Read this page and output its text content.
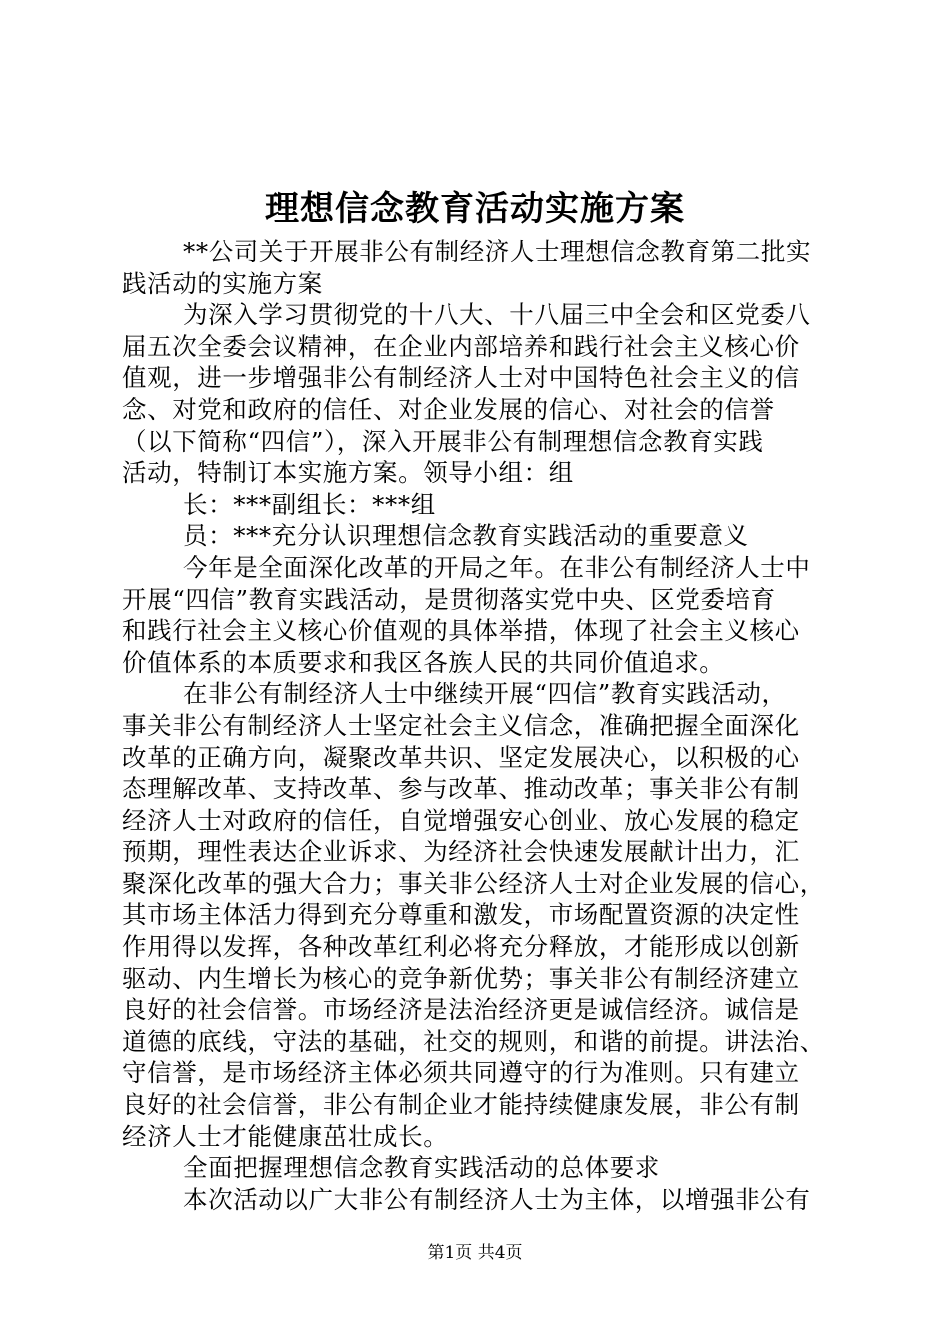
理想信念教育活动实施方案
**公司关于开展非公有制经济人士理想信念教育第二批实
践活动的实施方案
为深入学习贯彻党的十八大、十八届三中全会和区党委八
届五次全委会议精神，在企业内部培养和践行社会主义核心价
值观，进一步增强非公有制经济人士对中国特色社会主义的信
念、对党和政府的信任、对企业发展的信心、对社会的信誉
（以下简称“四信”），深入开展非公有制理想信念教育实践
活动，特制订本实施方案。领导小组：组
长：***副组长：***组
员：***充分认识理想信念教育实践活动的重要意义
今年是全面深化改革的开局之年。在非公有制经济人士中
开展“四信”教育实践活动，是贯彻落实党中央、区党委培育
和践行社会主义核心价值观的具体举措，体现了社会主义核心
价值体系的本质要求和我区各族人民的共同价值追求。
在非公有制经济人士中继续开展“四信”教育实践活动，
事关非公有制经济人士坚定社会主义信念，准确把握全面深化
改革的正确方向，凝聚改革共识、坚定发展决心，以积极的心
态理解改革、支持改革、参与改革、推动改革；事关非公有制
经济人士对政府的信任，自觉增强安心创业、放心发展的稳定
预期，理性表达企业诉求、为经济社会快速发展献计出力，汇
聚深化改革的强大合力；事关非公经济人士对企业发展的信心，
其市场主体活力得到充分尊重和激发，市场配置资源的决定性
作用得以发挥，各种改革红利必将充分释放，才能形成以创新
驱动、内生增长为核心的竞争新优势；事关非公有制经济建立
良好的社会信誉。市场经济是法治经济更是诚信经济。诚信是
道德的底线，守法的基础，社交的规则，和谐的前提。讲法治、
守信誉，是市场经济主体必须共同遵守的行为准则。只有建立
良好的社会信誉，非公有制企业才能持续健康发展，非公有制
经济人士才能健康茁壮成长。
全面把握理想信念教育实践活动的总体要求
本次活动以广大非公有制经济人士为主体，以增强非公有
第1页 共4页
